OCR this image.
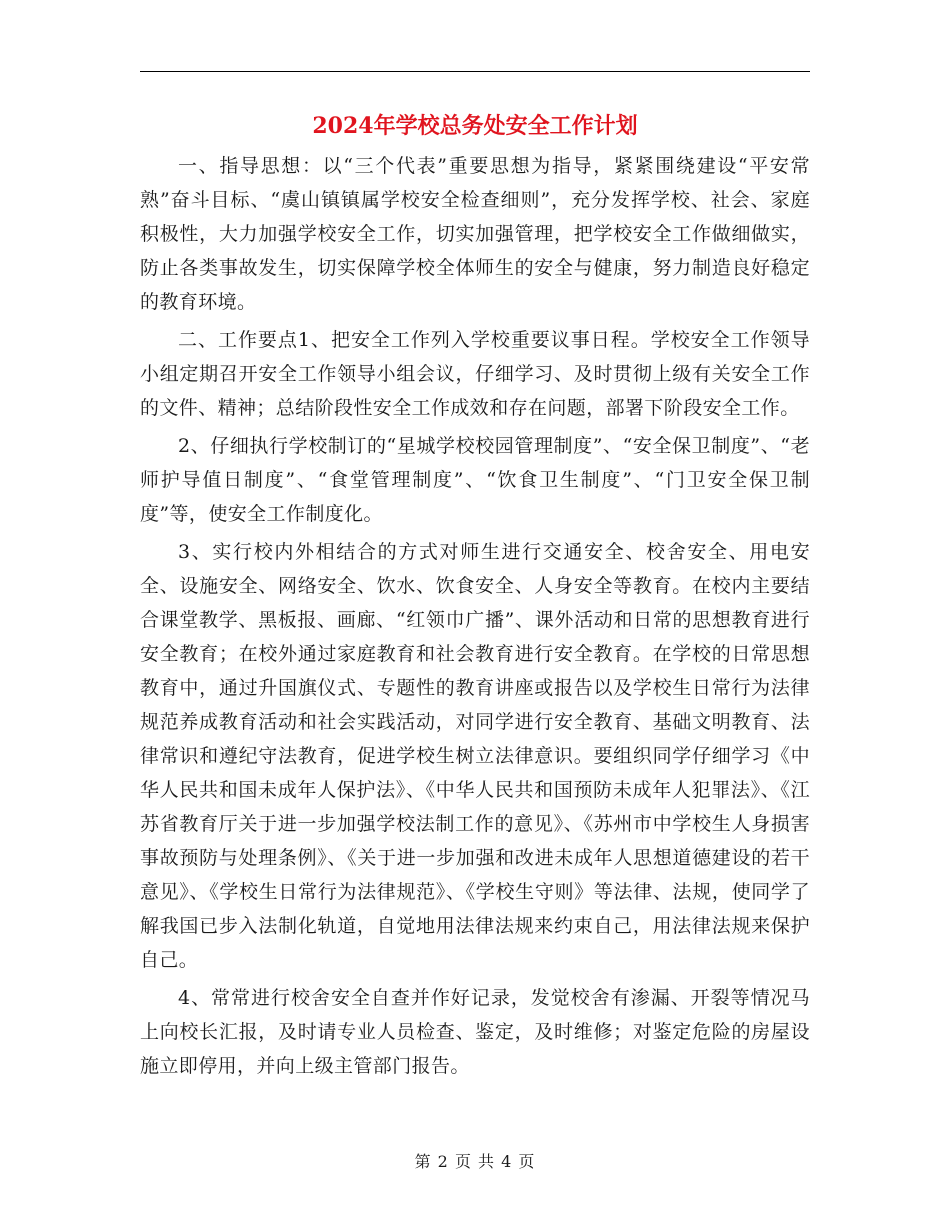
2024年学校总务处安全工作计划

一、指导思想：以“三个代表”重要思想为指导，紧紧围绕建设“平安常熟”奋斗目标、“虞山镇镇属学校安全检查细则”，充分发挥学校、社会、家庭积极性，大力加强学校安全工作，切实加强管理，把学校安全工作做细做实，防止各类事故发生，切实保障学校全体师生的安全与健康，努力制造良好稳定的教育环境。

二、工作要点1、把安全工作列入学校重要议事日程。学校安全工作领导小组定期召开安全工作领导小组会议，仔细学习、及时贯彻上级有关安全工作的文件、精神；总结阶段性安全工作成效和存在问题，部署下阶段安全工作。

2、仔细执行学校制订的“星城学校校园管理制度”、“安全保卫制度”、“老师护导值日制度”、“食堂管理制度”、“饮食卫生制度”、“门卫安全保卫制度”等，使安全工作制度化。

3、实行校内外相结合的方式对师生进行交通安全、校舍安全、用电安全、设施安全、网络安全、饮水、饮食安全、人身安全等教育。在校内主要结合课堂教学、黑板报、画廊、“红领巾广播”、课外活动和日常的思想教育进行安全教育；在校外通过家庭教育和社会教育进行安全教育。在学校的日常思想教育中，通过升国旗仪式、专题性的教育讲座或报告以及学校生日常行为法律规范养成教育活动和社会实践活动，对同学进行安全教育、基础文明教育、法律常识和遵纪守法教育，促进学校生树立法律意识。要组织同学仔细学习《中华人民共和国未成年人保护法》、《中华人民共和国预防未成年人犯罪法》、《江苏省教育厅关于进一步加强学校法制工作的意见》、《苏州市中学校生人身损害事故预防与处理条例》、《关于进一步加强和改进未成年人思想道德建设的若干意见》、《学校生日常行为法律规范》、《学校生守则》等法律、法规，使同学了解我国已步入法制化轨道，自觉地用法律法规来约束自己，用法律法规来保护自己。

4、常常进行校舍安全自查并作好记录，发觉校舍有渗漏、开裂等情况马上向校长汇报，及时请专业人员检查、鉴定，及时维修；对鉴定危险的房屋设施立即停用，并向上级主管部门报告。

第 2 页 共 4 页
